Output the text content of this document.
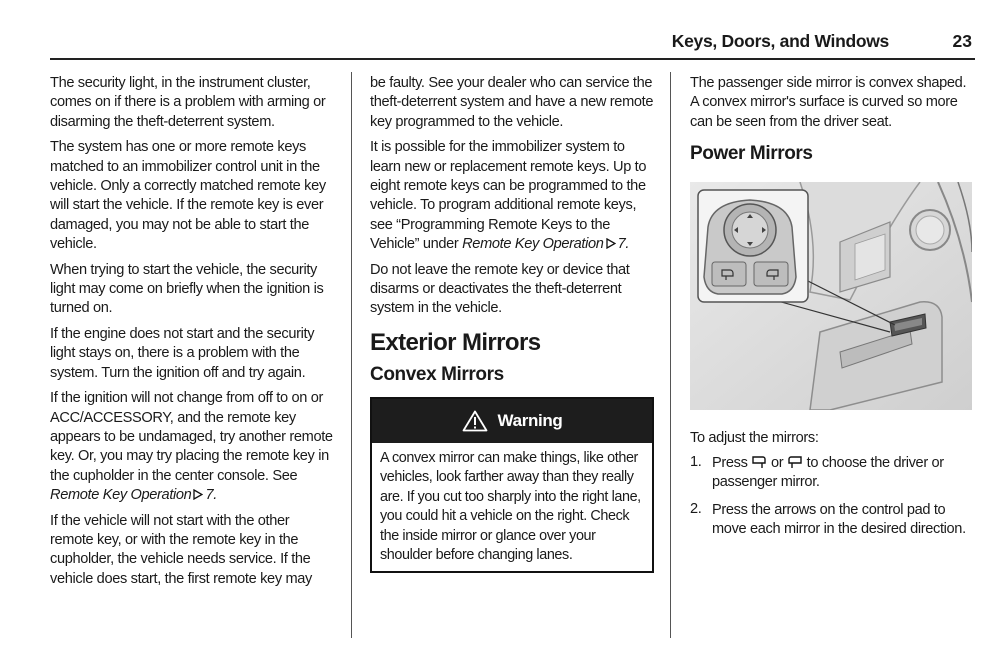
Keys, Doors, and Windows	23

The security light, in the instrument cluster, comes on if there is a problem with arming or disarming the theft-deterrent system.

The system has one or more remote keys matched to an immobilizer control unit in the vehicle. Only a correctly matched remote key will start the vehicle. If the remote key is ever damaged, you may not be able to start the vehicle.

When trying to start the vehicle, the security light may come on briefly when the ignition is turned on.

If the engine does not start and the security light stays on, there is a problem with the system. Turn the ignition off and try again.

If the ignition will not change from off to on or ACC/ACCESSORY, and the remote key appears to be undamaged, try another remote key. Or, you may try placing the remote key in the cupholder in the center console. See Remote Key Operation 7.

If the vehicle will not start with the other remote key, or with the remote key in the cupholder, the vehicle needs service. If the vehicle does start, the first remote key may

be faulty. See your dealer who can service the theft-deterrent system and have a new remote key programmed to the vehicle.

It is possible for the immobilizer system to learn new or replacement remote keys. Up to eight remote keys can be programmed to the vehicle. To program additional remote keys, see “Programming Remote Keys to the Vehicle” under Remote Key Operation 7.

Do not leave the remote key or device that disarms or deactivates the theft-deterrent system in the vehicle.

Exterior Mirrors
Convex Mirrors
Warning
A convex mirror can make things, like other vehicles, look farther away than they really are. If you cut too sharply into the right lane, you could hit a vehicle on the right. Check the inside mirror or glance over your shoulder before changing lanes.

The passenger side mirror is convex shaped. A convex mirror's surface is curved so more can be seen from the driver seat.

Power Mirrors

To adjust the mirrors:

1. Press  or  to choose the driver or passenger mirror.
2. Press the arrows on the control pad to move each mirror in the desired direction.
